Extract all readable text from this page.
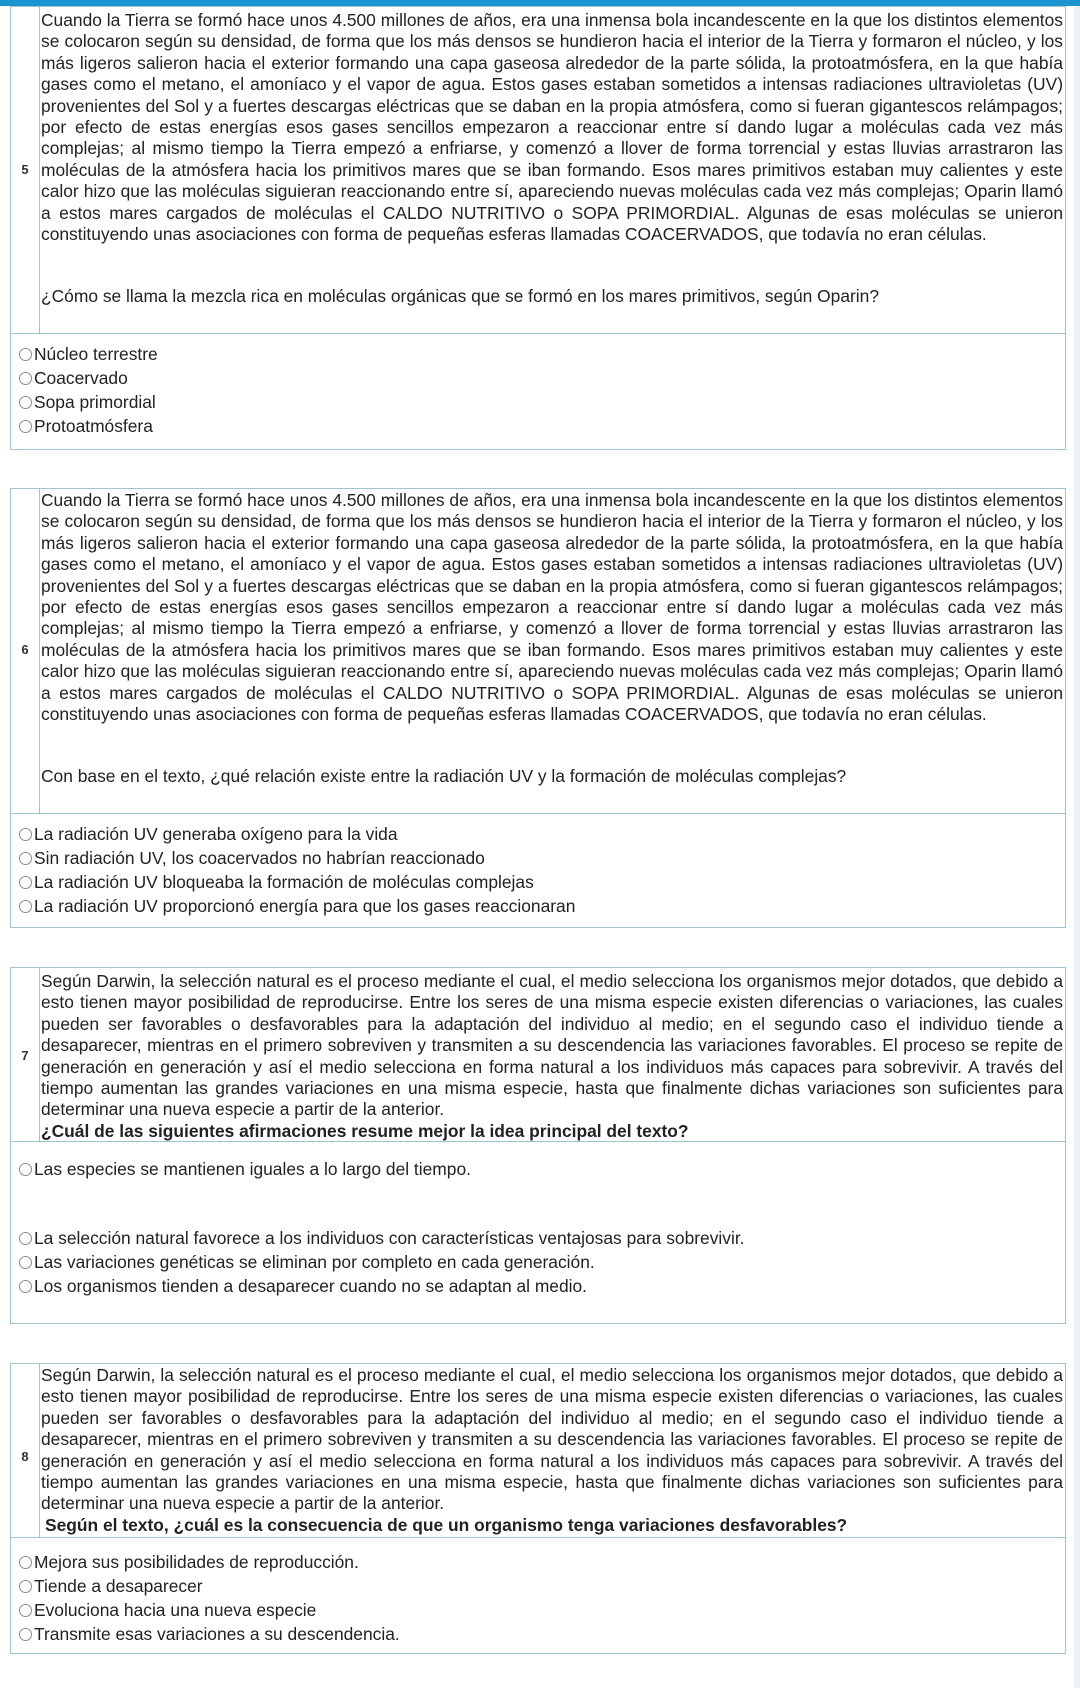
5

Cuando la Tierra se formó hace unos 4.500 millones de años, era una inmensa bola incandescente en la que los distintos elementos se colocaron según su densidad, de forma que los más densos se hundieron hacia el interior de la Tierra y formaron el núcleo, y los más ligeros salieron hacia el exterior formando una capa gaseosa alrededor de la parte sólida, la protoatmósfera, en la que había gases como el metano, el amoníaco y el vapor de agua. Estos gases estaban sometidos a intensas radiaciones ultravioletas (UV) provenientes del Sol y a fuertes descargas eléctricas que se daban en la propia atmósfera, como si fueran gigantescos relámpagos; por efecto de estas energías esos gases sencillos empezaron a reaccionar entre sí dando lugar a moléculas cada vez más complejas; al mismo tiempo la Tierra empezó a enfriarse, y comenzó a llover de forma torrencial y estas lluvias arrastraron las moléculas de la atmósfera hacia los primitivos mares que se iban formando. Esos mares primitivos estaban muy calientes y este calor hizo que las moléculas siguieran reaccionando entre sí, apareciendo nuevas moléculas cada vez más complejas; Oparin llamó a estos mares cargados de moléculas el CALDO NUTRITIVO o SOPA PRIMORDIAL. Algunas de esas moléculas se unieron constituyendo unas asociaciones con forma de pequeñas esferas llamadas COACERVADOS, que todavía no eran células.

¿Cómo se llama la mezcla rica en moléculas orgánicas que se formó en los mares primitivos, según Oparin?

Núcleo terrestre
Coacervado
Sopa primordial
Protoatmósfera
6

Cuando la Tierra se formó hace unos 4.500 millones de años, era una inmensa bola incandescente en la que los distintos elementos se colocaron según su densidad, de forma que los más densos se hundieron hacia el interior de la Tierra y formaron el núcleo, y los más ligeros salieron hacia el exterior formando una capa gaseosa alrededor de la parte sólida, la protoatmósfera, en la que había gases como el metano, el amoníaco y el vapor de agua. Estos gases estaban sometidos a intensas radiaciones ultravioletas (UV) provenientes del Sol y a fuertes descargas eléctricas que se daban en la propia atmósfera, como si fueran gigantescos relámpagos; por efecto de estas energías esos gases sencillos empezaron a reaccionar entre sí dando lugar a moléculas cada vez más complejas; al mismo tiempo la Tierra empezó a enfriarse, y comenzó a llover de forma torrencial y estas lluvias arrastraron las moléculas de la atmósfera hacia los primitivos mares que se iban formando. Esos mares primitivos estaban muy calientes y este calor hizo que las moléculas siguieran reaccionando entre sí, apareciendo nuevas moléculas cada vez más complejas; Oparin llamó a estos mares cargados de moléculas el CALDO NUTRITIVO o SOPA PRIMORDIAL. Algunas de esas moléculas se unieron constituyendo unas asociaciones con forma de pequeñas esferas llamadas COACERVADOS, que todavía no eran células.

Con base en el texto, ¿qué relación existe entre la radiación UV y la formación de moléculas complejas?

La radiación UV generaba oxígeno para la vida
Sin radiación UV, los coacervados no habrían reaccionado
La radiación UV bloqueaba la formación de moléculas complejas
La radiación UV proporcionó energía para que los gases reaccionaran
7

Según Darwin, la selección natural es el proceso mediante el cual, el medio selecciona los organismos mejor dotados, que debido a esto tienen mayor posibilidad de reproducirse. Entre los seres de una misma especie existen diferencias o variaciones, las cuales pueden ser favorables o desfavorables para la adaptación del individuo al medio; en el segundo caso el individuo tiende a desaparecer, mientras en el primero sobreviven y transmiten a su descendencia las variaciones favorables. El proceso se repite de generación en generación y así el medio selecciona en forma natural a los individuos más capaces para sobrevivir. A través del tiempo aumentan las grandes variaciones en una misma especie, hasta que finalmente dichas variaciones son suficientes para determinar una nueva especie a partir de la anterior.

¿Cuál de las siguientes afirmaciones resume mejor la idea principal del texto?

Las especies se mantienen iguales a lo largo del tiempo.
La selección natural favorece a los individuos con características ventajosas para sobrevivir.
Las variaciones genéticas se eliminan por completo en cada generación.
Los organismos tienden a desaparecer cuando no se adaptan al medio.
8

Según Darwin, la selección natural es el proceso mediante el cual, el medio selecciona los organismos mejor dotados, que debido a esto tienen mayor posibilidad de reproducirse. Entre los seres de una misma especie existen diferencias o variaciones, las cuales pueden ser favorables o desfavorables para la adaptación del individuo al medio; en el segundo caso el individuo tiende a desaparecer, mientras en el primero sobreviven y transmiten a su descendencia las variaciones favorables. El proceso se repite de generación en generación y así el medio selecciona en forma natural a los individuos más capaces para sobrevivir. A través del tiempo aumentan las grandes variaciones en una misma especie, hasta que finalmente dichas variaciones son suficientes para determinar una nueva especie a partir de la anterior.

Según el texto, ¿cuál es la consecuencia de que un organismo tenga variaciones desfavorables?

Mejora sus posibilidades de reproducción.
Tiende a desaparecer
Evoluciona hacia una nueva especie
Transmite esas variaciones a su descendencia.
